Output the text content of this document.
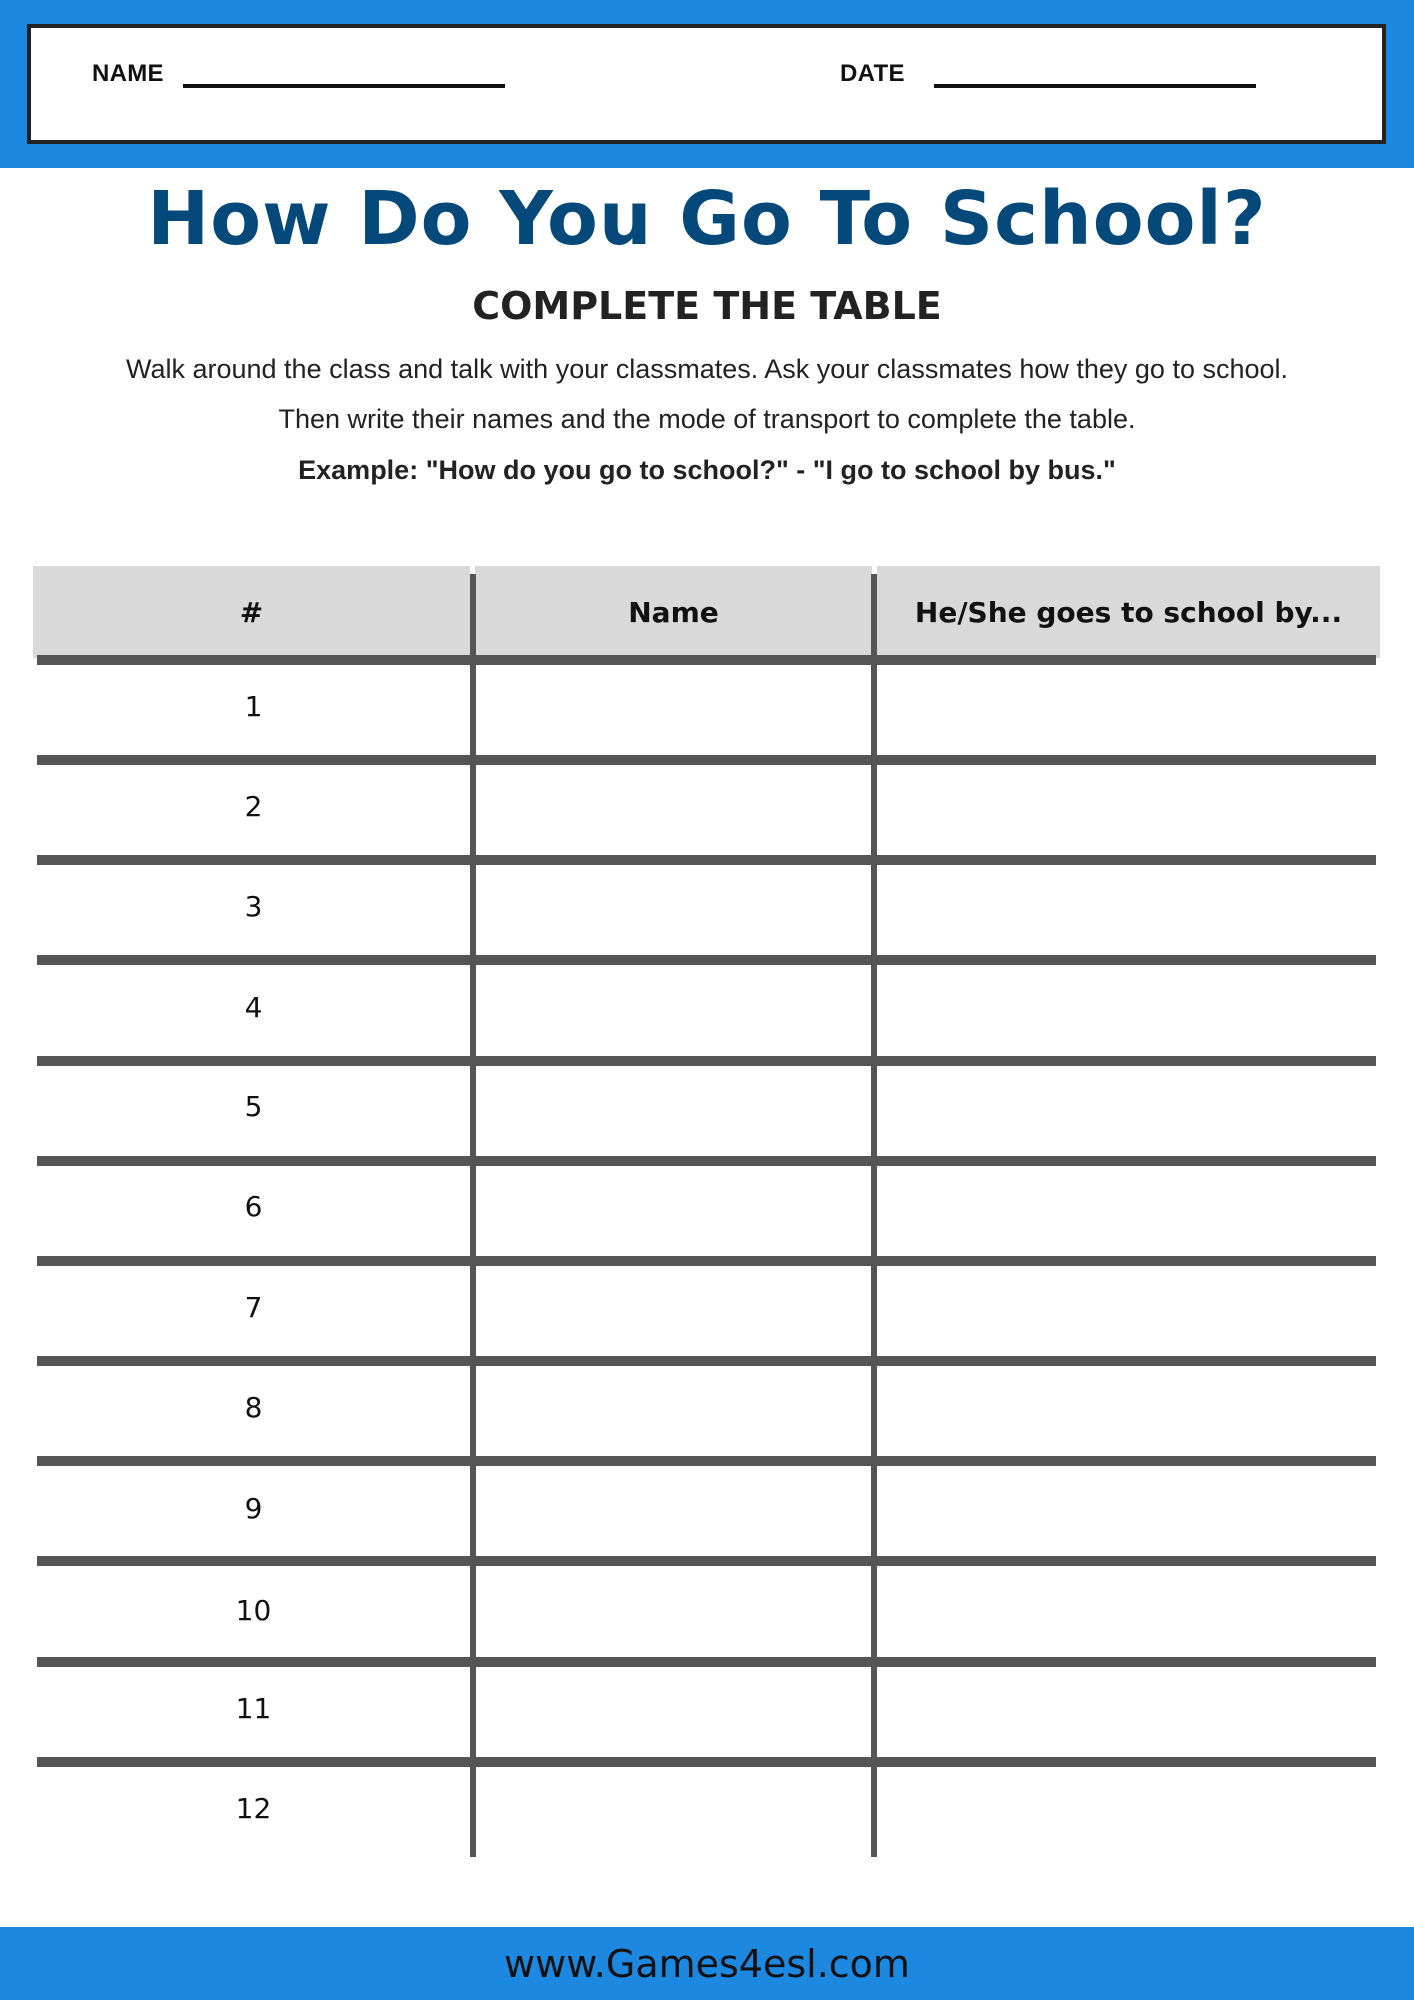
NAME	DATE
How Do You Go To School?
COMPLETE THE TABLE

Walk around the class and talk with your classmates. Ask your classmates how they go to school.

Then write their names and the mode of transport to complete the table.

Example: "How do you go to school?" - "I go to school by bus."

#	Name	He/She goes to school by...
1
2
3
4
5
6
7
8
9
10
11
12
www.Games4esl.com
